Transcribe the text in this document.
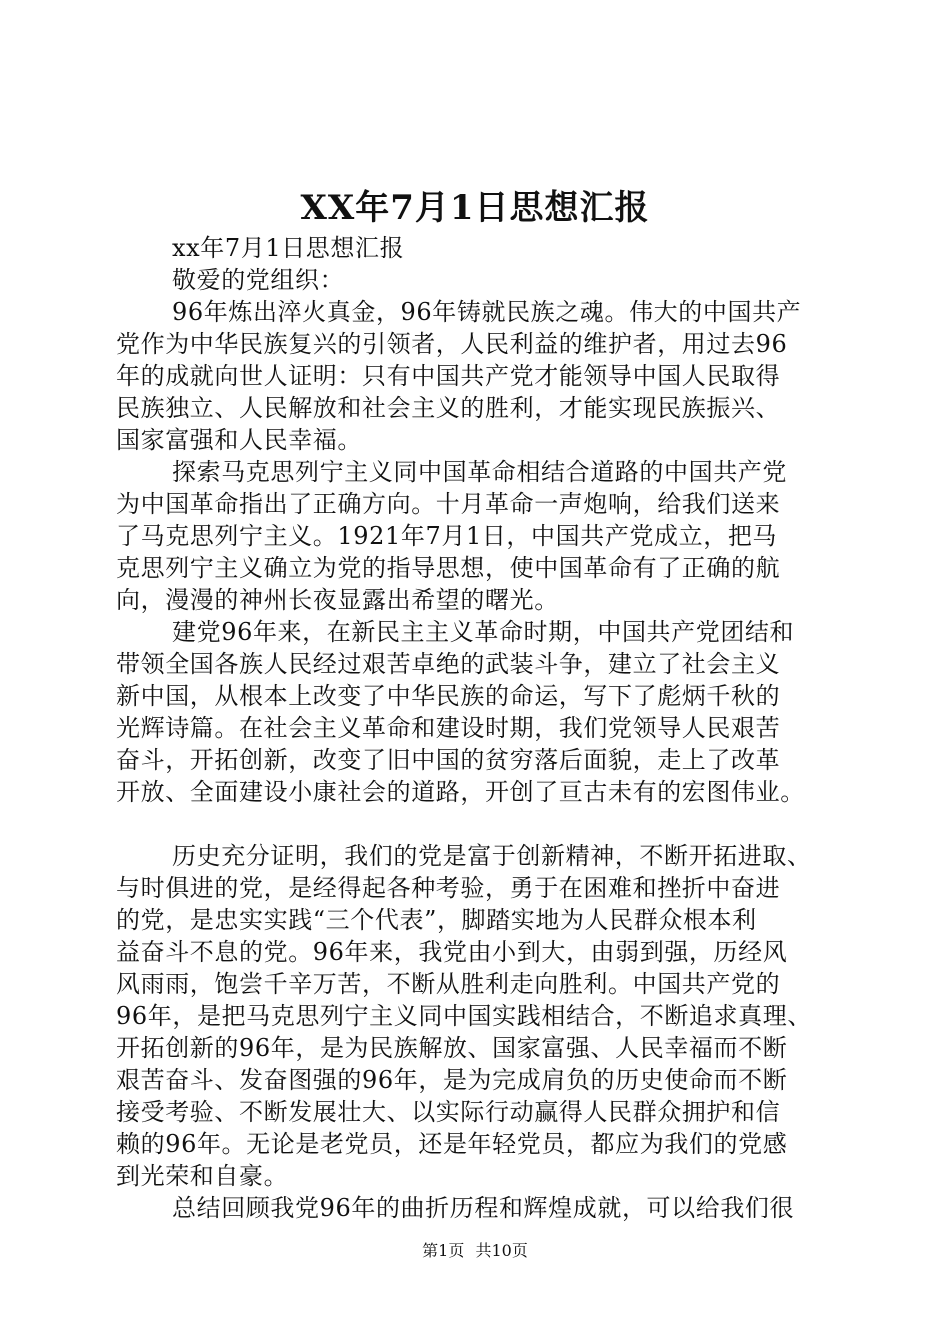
XX年7月1日思想汇报
xx年7月1日思想汇报
敬爱的党组织：
96年炼出淬火真金，96年铸就民族之魂。伟大的中国共产
党作为中华民族复兴的引领者，人民利益的维护者，用过去96
年的成就向世人证明：只有中国共产党才能领导中国人民取得
民族独立、人民解放和社会主义的胜利，才能实现民族振兴、
国家富强和人民幸福。
探索马克思列宁主义同中国革命相结合道路的中国共产党
为中国革命指出了正确方向。十月革命一声炮响，给我们送来
了马克思列宁主义。1921年7月1日，中国共产党成立，把马
克思列宁主义确立为党的指导思想，使中国革命有了正确的航
向，漫漫的神州长夜显露出希望的曙光。
建党96年来，在新民主主义革命时期，中国共产党团结和
带领全国各族人民经过艰苦卓绝的武装斗争，建立了社会主义
新中国，从根本上改变了中华民族的命运，写下了彪炳千秋的
光辉诗篇。在社会主义革命和建设时期，我们党领导人民艰苦
奋斗，开拓创新，改变了旧中国的贫穷落后面貌，走上了改革
开放、全面建设小康社会的道路，开创了亘古未有的宏图伟业。
历史充分证明，我们的党是富于创新精神，不断开拓进取、
与时俱进的党，是经得起各种考验，勇于在困难和挫折中奋进
的党，是忠实实践“三个代表”，脚踏实地为人民群众根本利
益奋斗不息的党。96年来，我党由小到大，由弱到强，历经风
风雨雨，饱尝千辛万苦，不断从胜利走向胜利。中国共产党的
96年，是把马克思列宁主义同中国实践相结合，不断追求真理、
开拓创新的96年，是为民族解放、国家富强、人民幸福而不断
艰苦奋斗、发奋图强的96年，是为完成肩负的历史使命而不断
接受考验、不断发展壮大、以实际行动赢得人民群众拥护和信
赖的96年。无论是老党员，还是年轻党员，都应为我们的党感
到光荣和自豪。
总结回顾我党96年的曲折历程和辉煌成就，可以给我们很
第1页 共10页
